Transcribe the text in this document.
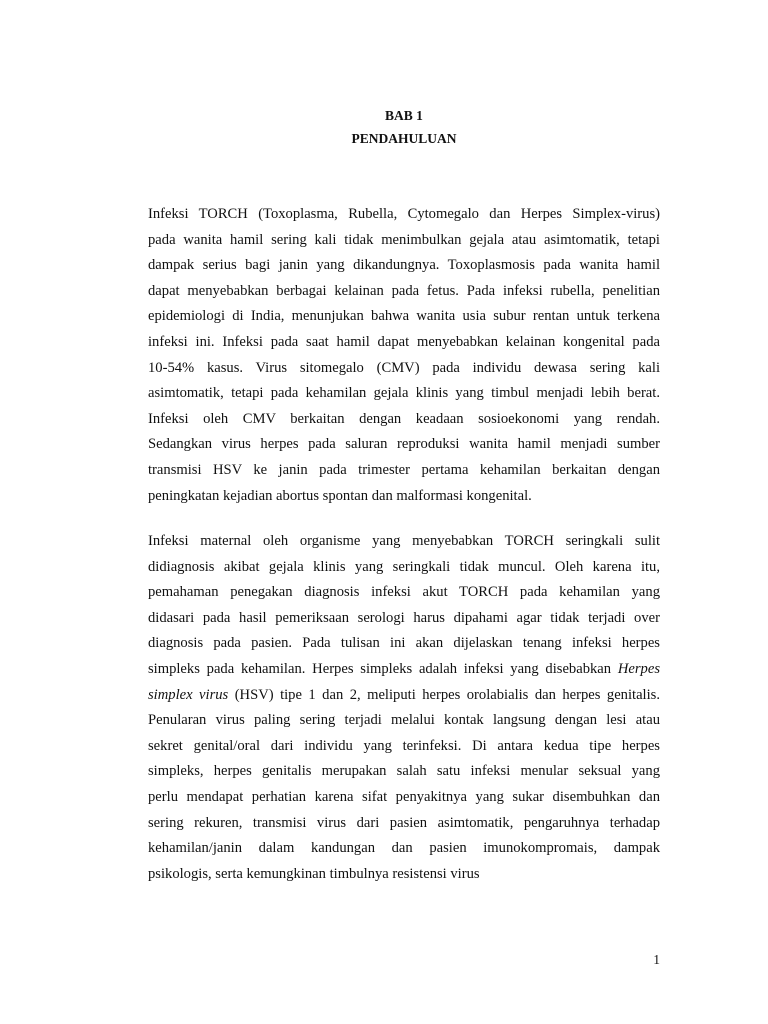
BAB 1
PENDAHULUAN
Infeksi TORCH (Toxoplasma, Rubella, Cytomegalo dan Herpes Simplex-virus)
pada wanita hamil sering kali tidak menimbulkan gejala atau asimtomatik, tetapi
dampak serius bagi janin yang dikandungnya. Toxoplasmosis pada wanita hamil
dapat menyebabkan berbagai kelainan pada fetus. Pada infeksi rubella, penelitian
epidemiologi di India, menunjukan bahwa wanita usia subur rentan untuk terkena
infeksi ini. Infeksi pada saat hamil dapat menyebabkan kelainan kongenital pada
10-54% kasus. Virus sitomegalo (CMV) pada individu dewasa sering kali
asimtomatik, tetapi pada kehamilan gejala klinis yang timbul menjadi lebih berat.
Infeksi oleh CMV berkaitan dengan keadaan sosioekonomi yang rendah.
Sedangkan virus herpes pada saluran reproduksi wanita hamil menjadi sumber
transmisi HSV ke janin pada trimester pertama kehamilan berkaitan dengan
peningkatan kejadian abortus spontan dan malformasi kongenital.
Infeksi maternal oleh organisme yang menyebabkan TORCH seringkali sulit
didiagnosis akibat gejala klinis yang seringkali tidak muncul. Oleh karena itu,
pemahaman penegakan diagnosis infeksi akut TORCH pada kehamilan yang
didasari pada hasil pemeriksaan serologi harus dipahami agar tidak terjadi over
diagnosis pada pasien. Pada tulisan ini akan dijelaskan tenang infeksi herpes
simpleks pada kehamilan. Herpes simpleks adalah infeksi yang disebabkan Herpes
simplex virus (HSV) tipe 1 dan 2, meliputi herpes orolabialis dan herpes genitalis.
Penularan virus paling sering terjadi melalui kontak langsung dengan lesi atau
sekret genital/oral dari individu yang terinfeksi. Di antara kedua tipe herpes
simpleks, herpes genitalis merupakan salah satu infeksi menular seksual yang
perlu mendapat perhatian karena sifat penyakitnya yang sukar disembuhkan dan
sering rekuren, transmisi virus dari pasien asimtomatik, pengaruhnya terhadap
kehamilan/janin dalam kandungan dan pasien imunokompromais, dampak
psikologis, serta kemungkinan timbulnya resistensi virus
1
